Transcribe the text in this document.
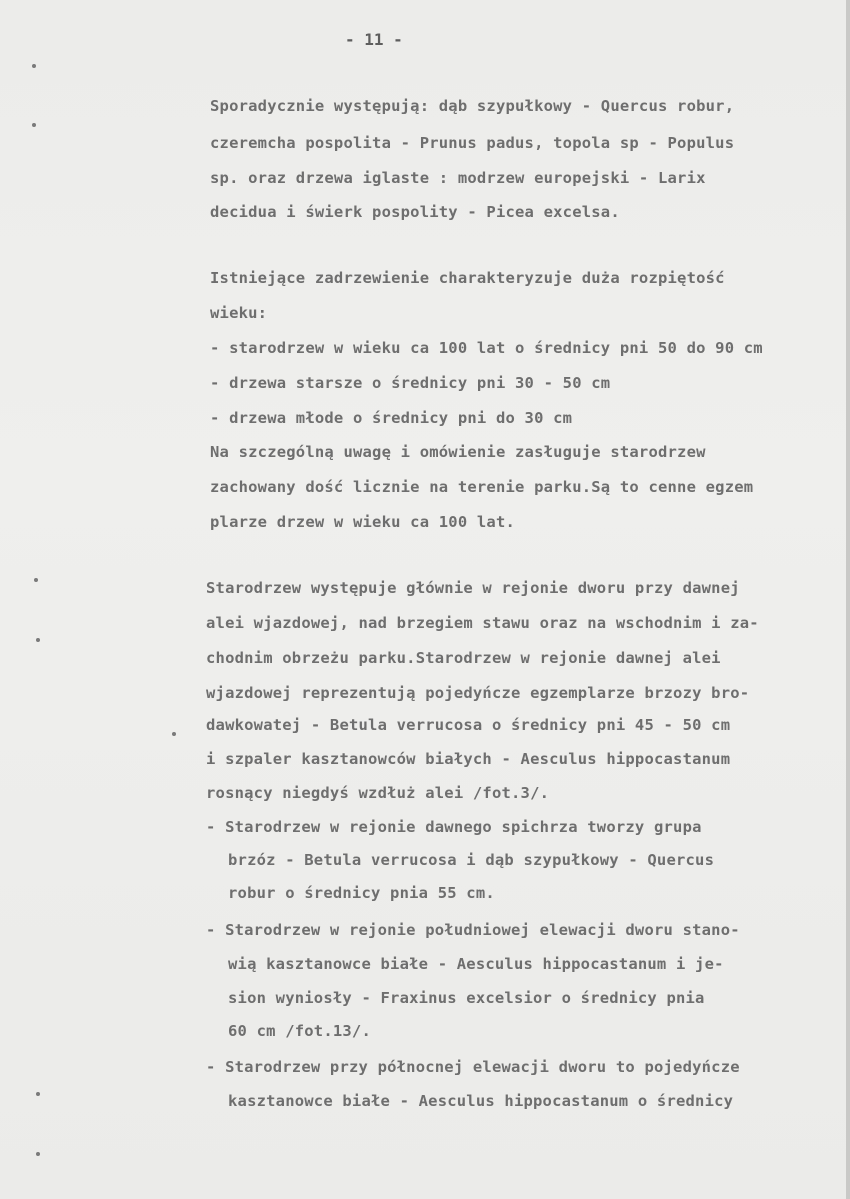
- 11 -
Sporadycznie występują: dąb szypułkowy - Quercus robur,
czeremcha pospolita - Prunus padus, topola sp - Populus
sp. oraz drzewa iglaste : modrzew europejski - Larix
decidua i świerk pospolity - Picea excelsa.
Istniejące zadrzewienie charakteryzuje duża rozpiętość
wieku:
- starodrzew w wieku ca 100 lat o średnicy pni 50 do 90 cm
- drzewa starsze o średnicy pni 30 - 50 cm
- drzewa młode o średnicy pni do 30 cm
Na szczególną uwagę i omówienie zasługuje starodrzew
zachowany dość licznie na terenie parku.Są to cenne egzem
plarze drzew w wieku ca 100 lat.
Starodrzew występuje głównie w rejonie dworu przy dawnej
alei wjazdowej, nad brzegiem stawu oraz na wschodnim i za-
chodnim obrzeżu parku.Starodrzew w rejonie dawnej alei
wjazdowej reprezentują pojedyńcze egzemplarze brzozy bro-
dawkowatej - Betula verrucosa o średnicy pni 45 - 50 cm
i szpaler kasztanowców białych - Aesculus hippocastanum
rosnący niegdyś wzdłuż alei /fot.3/.
- Starodrzew w rejonie dawnego spichrza tworzy grupa
brzóz - Betula verrucosa i dąb szypułkowy - Quercus
robur o średnicy pnia 55 cm.
- Starodrzew w rejonie południowej elewacji dworu stano-
wią kasztanowce białe - Aesculus hippocastanum i je-
sion wyniosły - Fraxinus excelsior o średnicy pnia
60 cm /fot.13/.
- Starodrzew przy północnej elewacji dworu to pojedyńcze
kasztanowce białe - Aesculus hippocastanum o średnicy
